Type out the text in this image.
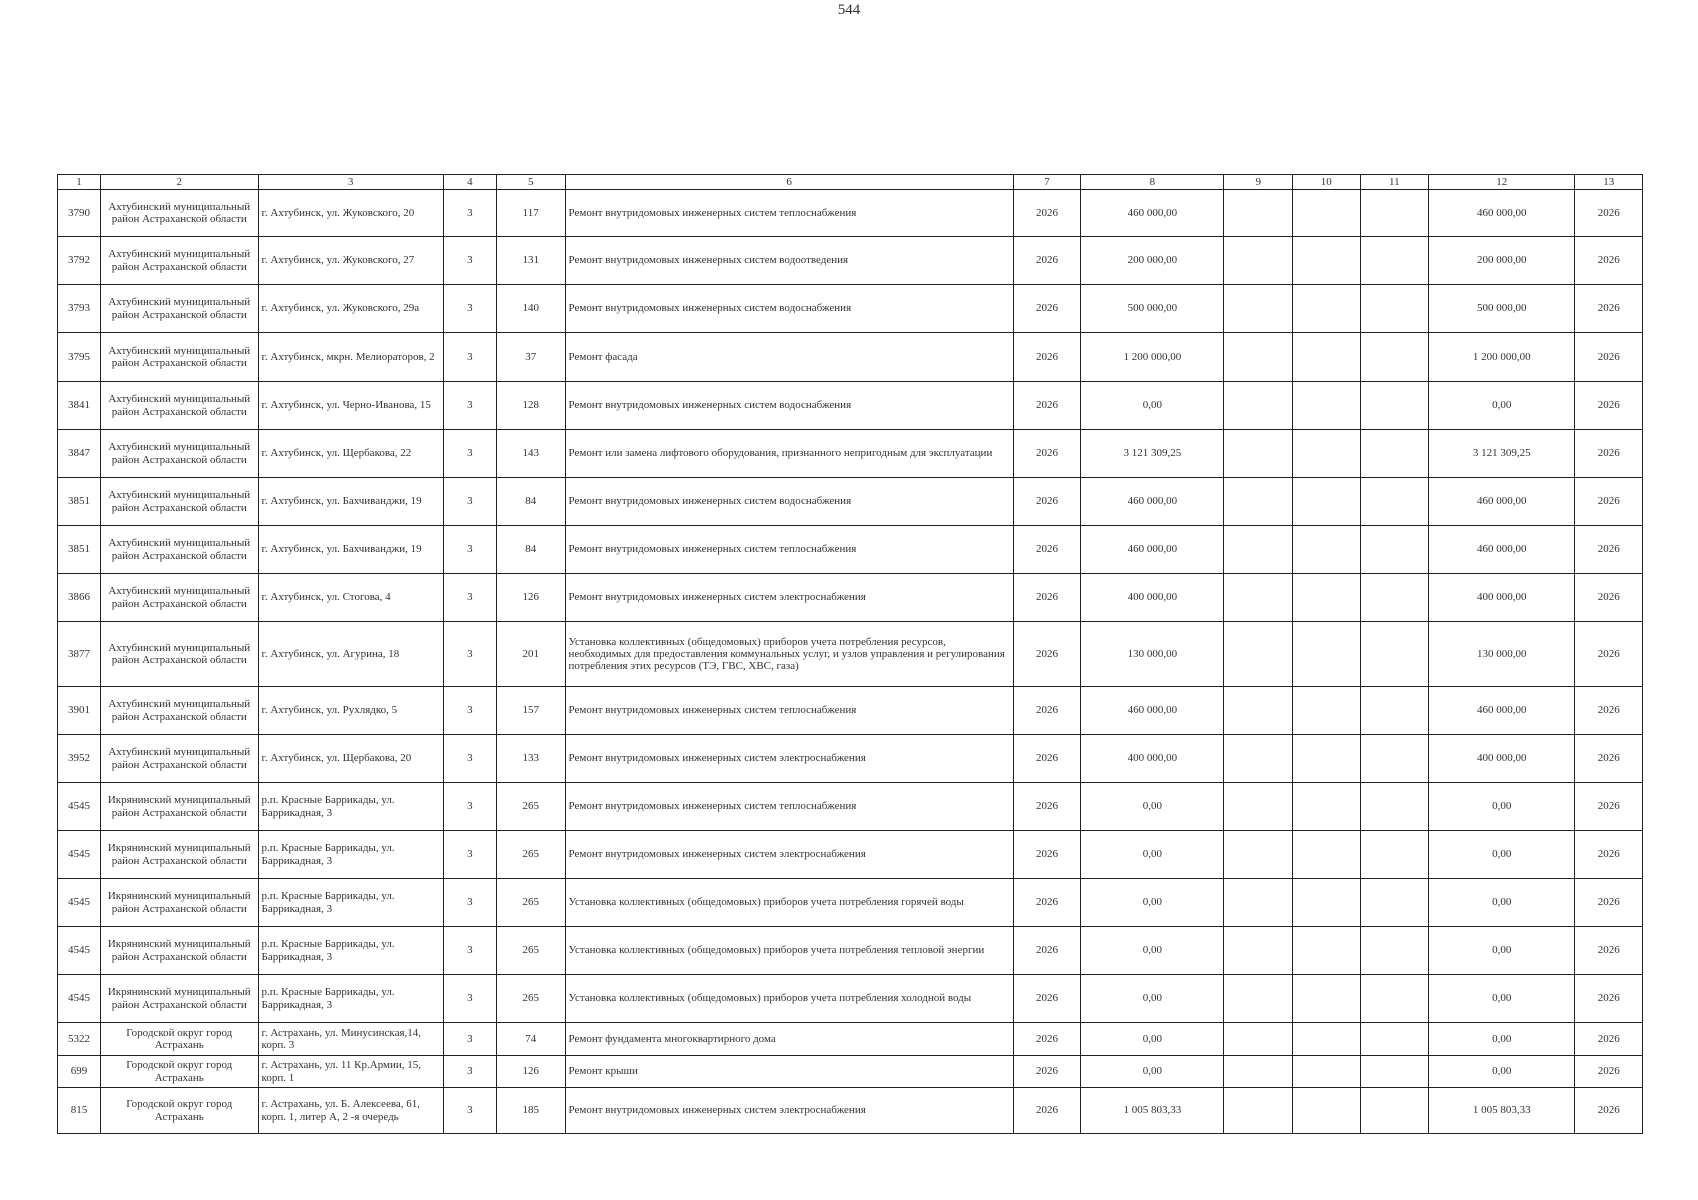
544
1	2	3	4	5	6	7	8	9	10	11	12	13
3790	Ахтубинский муниципальный район Астраханской области	г. Ахтубинск, ул. Жуковского, 20	3	117	Ремонт внутридомовых инженерных систем теплоснабжения	2026	460 000,00				460 000,00	2026
3792	Ахтубинский муниципальный район Астраханской области	г. Ахтубинск, ул. Жуковского, 27	3	131	Ремонт внутридомовых инженерных систем водоотведения	2026	200 000,00				200 000,00	2026
3793	Ахтубинский муниципальный район Астраханской области	г. Ахтубинск, ул. Жуковского, 29а	3	140	Ремонт внутридомовых инженерных систем водоснабжения	2026	500 000,00				500 000,00	2026
3795	Ахтубинский муниципальный район Астраханской области	г. Ахтубинск, мкрн. Мелиораторов, 2	3	37	Ремонт фасада	2026	1 200 000,00				1 200 000,00	2026
3841	Ахтубинский муниципальный район Астраханской области	г. Ахтубинск, ул. Черно-Иванова, 15	3	128	Ремонт внутридомовых инженерных систем водоснабжения	2026	0,00				0,00	2026
3847	Ахтубинский муниципальный район Астраханской области	г. Ахтубинск, ул. Щербакова, 22	3	143	Ремонт или замена лифтового оборудования, признанного непригодным для эксплуатации	2026	3 121 309,25				3 121 309,25	2026
3851	Ахтубинский муниципальный район Астраханской области	г. Ахтубинск, ул. Бахчиванджи, 19	3	84	Ремонт внутридомовых инженерных систем водоснабжения	2026	460 000,00				460 000,00	2026
3851	Ахтубинский муниципальный район Астраханской области	г. Ахтубинск, ул. Бахчиванджи, 19	3	84	Ремонт внутридомовых инженерных систем теплоснабжения	2026	460 000,00				460 000,00	2026
3866	Ахтубинский муниципальный район Астраханской области	г. Ахтубинск, ул. Стогова, 4	3	126	Ремонт внутридомовых инженерных систем электроснабжения	2026	400 000,00				400 000,00	2026
3877	Ахтубинский муниципальный район Астраханской области	г. Ахтубинск, ул. Агурина, 18	3	201	Установка коллективных (общедомовых) приборов учета потребления ресурсов, необходимых для предоставления коммунальных услуг, и узлов управления и регулирования потребления этих ресурсов (ТЭ, ГВС, ХВС, газа)	2026	130 000,00				130 000,00	2026
3901	Ахтубинский муниципальный район Астраханской области	г. Ахтубинск, ул. Рухлядко, 5	3	157	Ремонт внутридомовых инженерных систем теплоснабжения	2026	460 000,00				460 000,00	2026
3952	Ахтубинский муниципальный район Астраханской области	г. Ахтубинск, ул. Щербакова, 20	3	133	Ремонт внутридомовых инженерных систем электроснабжения	2026	400 000,00				400 000,00	2026
4545	Икрянинский муниципальный район Астраханской области	р.п. Красные Баррикады, ул. Баррикадная, 3	3	265	Ремонт внутридомовых инженерных систем теплоснабжения	2026	0,00				0,00	2026
4545	Икрянинский муниципальный район Астраханской области	р.п. Красные Баррикады, ул. Баррикадная, 3	3	265	Ремонт внутридомовых инженерных систем электроснабжения	2026	0,00				0,00	2026
4545	Икрянинский муниципальный район Астраханской области	р.п. Красные Баррикады, ул. Баррикадная, 3	3	265	Установка коллективных (общедомовых) приборов учета потребления горячей воды	2026	0,00				0,00	2026
4545	Икрянинский муниципальный район Астраханской области	р.п. Красные Баррикады, ул. Баррикадная, 3	3	265	Установка коллективных (общедомовых) приборов учета потребления тепловой энергии	2026	0,00				0,00	2026
4545	Икрянинский муниципальный район Астраханской области	р.п. Красные Баррикады, ул. Баррикадная, 3	3	265	Установка коллективных (общедомовых) приборов учета потребления холодной воды	2026	0,00				0,00	2026
5322	Городской округ город Астрахань	г. Астрахань, ул. Минусинская,14, корп. 3	3	74	Ремонт фундамента многоквартирного дома	2026	0,00				0,00	2026
699	Городской округ город Астрахань	г. Астрахань, ул. 11 Кр.Армии, 15, корп. 1	3	126	Ремонт крыши	2026	0,00				0,00	2026
815	Городской округ город Астрахань	г. Астрахань, ул. Б. Алексеева, 61, корп. 1, литер А, 2 -я очередь	3	185	Ремонт внутридомовых инженерных систем электроснабжения	2026	1 005 803,33				1 005 803,33	2026
